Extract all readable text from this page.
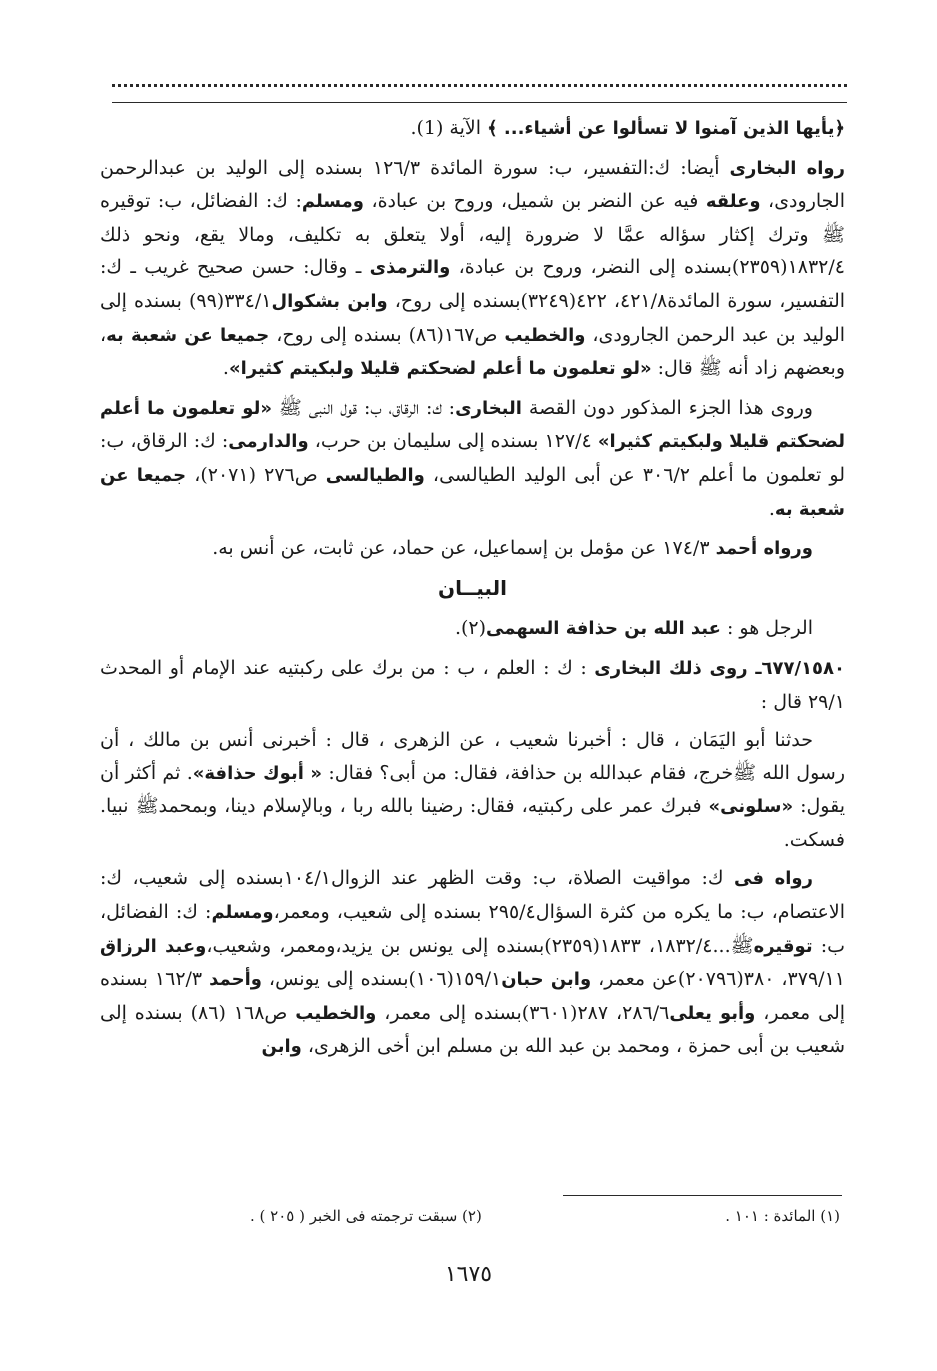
﴿يأيها الذين آمنوا لا تسألوا عن أشياء... ﴾ الآية (1).

رواه البخارى أيضا: ك:التفسير، ب: سورة المائدة ١٢٦/٣ بسنده إلى الوليد بن عبدالرحمن الجارودى، وعلقه فيه عن النضر بن شميل، وروح بن عبادة، ومسلم: ك: الفضائل، ب: توقيره ﷺ وترك إكثار سؤاله عمَّا لا ضرورة إليه، أولا يتعلق به تكليف، ومالا يقع، ونحو ذلك ١٨٣٢/٤(٢٣٥٩)بسنده إلى النضر، وروح بن عبادة، والترمذى ـ وقال: حسن صحيح غريب ـ ك: التفسير، سورة المائدة٤٢١/٨، ٤٢٢(٣٢٤٩)بسنده إلى روح، وابن بشكوال٣٣٤/١(٩٩) بسنده إلى الوليد بن عبد الرحمن الجارودى، والخطيب ص١٦٧(٨٦) بسنده إلى روح، جميعا عن شعبة به، وبعضهم زاد أنه ﷺ قال: «لو تعلمون ما أعلم لضحكتم قليلا ولبكيتم كثيرا».

وروى هذا الجزء المذكور دون القصة البخارى: ك: الرقاق، ب: قول النبى ﷺ «لو تعلمون ما أعلم لضحكتم قليلا ولبكيتم كثيرا» ١٢٧/٤ بسنده إلى سليمان بن حرب، والدارمى: ك: الرقاق، ب: لو تعلمون ما أعلم ٣٠٦/٢ عن أبى الوليد الطيالسى، والطيالسى ص٢٧٦ (٢٠٧١)، جميعا عن شعبة به.

ورواه أحمد ١٧٤/٣ عن مؤمل بن إسماعيل، عن حماد، عن ثابت، عن أنس به.

البيــان

الرجل هو : عبد الله بن حذافة السهمى(٢).

٦٧٧/١٥٨٠ـ روى ذلك البخارى : ك : العلم ، ب : من برك على ركبتيه عند الإمام أو المحدث ٢٩/١ قال :

حدثنا أبو اليَمَان ، قال : أخبرنا شعيب ، عن الزهرى ، قال : أخبرنى أنس بن مالك ، أن رسول الله ﷺخرج، فقام عبدالله بن حذافة، فقال: من أبى؟ فقال: « أبوك حذافة». ثم أكثر أن يقول: «سلونى» فبرك عمر على ركبتيه، فقال: رضينا بالله ربا ، وبالإسلام دينا، وبمحمدﷺ نبيا. فسكت.

رواه فى ك: مواقيت الصلاة، ب: وقت الظهر عند الزوال١٠٤/١بسنده إلى شعيب، ك: الاعتصام، ب: ما يكره من كثرة السؤال٢٩٥/٤ بسنده إلى شعيب، ومعمر،ومسلم: ك: الفضائل، ب: توقيرهﷺ...١٨٣٢/٤، ١٨٣٣(٢٣٥٩)بسنده إلى يونس بن يزيد،ومعمر، وشعيب،وعبد الرزاق ٣٧٩/١١، ٣٨٠(٢٠٧٩٦)عن معمر، وابن حبان١٥٩/١(١٠٦)بسنده إلى يونس، وأحمد ١٦٢/٣ بسنده إلى معمر، وأبو يعلى٢٨٦/٦، ٢٨٧(٣٦٠١)بسنده إلى معمر، والخطيب ص١٦٨ (٨٦) بسنده إلى شعيب بن أبى حمزة ، ومحمد بن عبد الله بن مسلم ابن أخى الزهرى، وابن

(١) المائدة : ١٠١ .
(٢) سبقت ترجمته فى الخبر ( ٢٠٥ ) .
١٦٧٥
